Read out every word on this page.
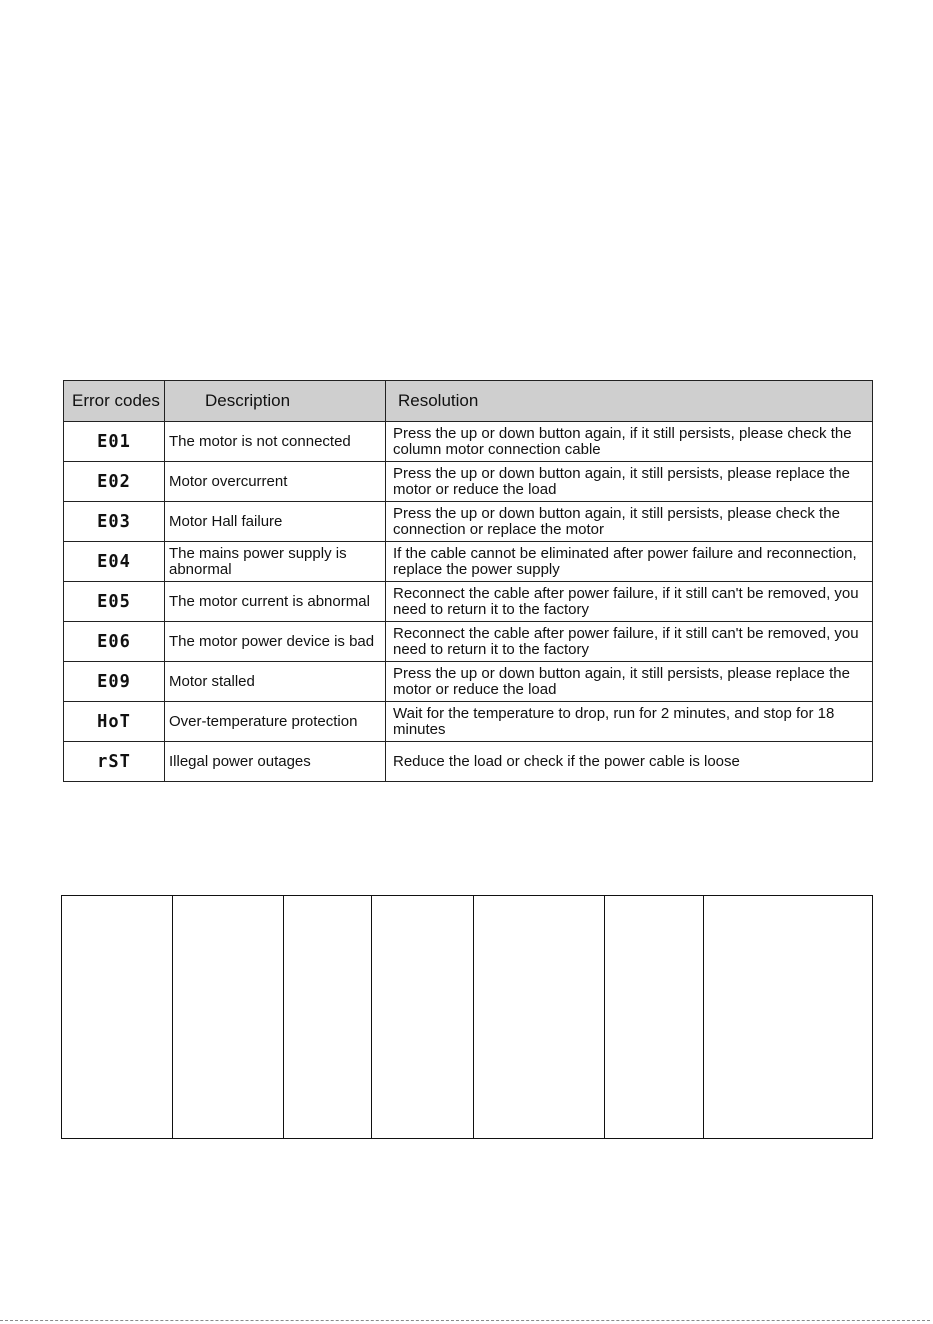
Error codes	Description	Resolution
E01	The motor is not connected	Press the up or down button again, if it still persists, please check the column motor connection cable
E02	Motor overcurrent	Press the up or down button again, it still persists, please replace the motor or reduce the load
E03	Motor Hall failure	Press the up or down button again, it still persists, please check the connection or replace the motor
E04	The mains power supply is abnormal	If the cable cannot be eliminated after power failure and reconnection, replace the power supply
E05	The motor current is abnormal	Reconnect the cable after power failure, if it still can't be removed, you need to return it to the factory
E06	The motor power device is bad	Reconnect the cable after power failure, if it still can't be removed, you need to return it to the factory
E09	Motor stalled	Press the up or down button again, it still persists, please replace the motor or reduce the load
HoT	Over-temperature protection	Wait for the temperature to drop, run for 2 minutes, and stop for 18 minutes
rST	Illegal power outages	Reduce the load or check if the power cable is loose
